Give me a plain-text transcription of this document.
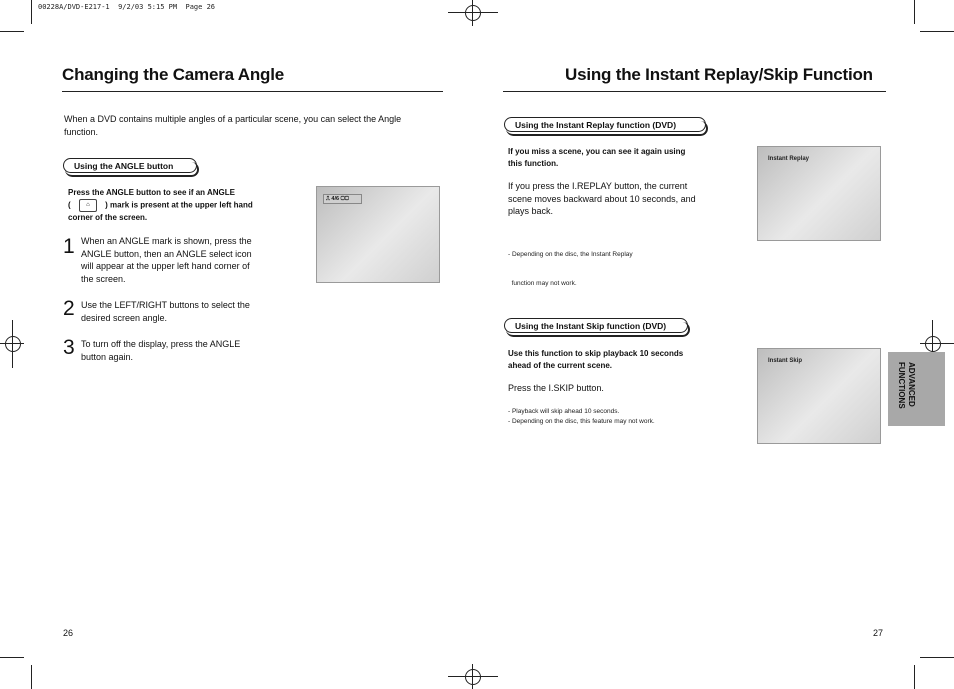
00228A/DVD-E217-1  9/2/03 5:15 PM  Page 26
Changing the Camera Angle
When a DVD contains multiple angles of a particular scene, you can select the Angle
function.
Using the ANGLE button
Press the ANGLE button to see if an ANGLE
(	⌂ ) mark is present at the upper left hand
corner of the screen.
1 When an ANGLE mark is shown, press the
ANGLE button, then an ANGLE select icon
will appear at the upper left hand corner of
the screen.
2 Use the LEFT/RIGHT buttons to select the
desired screen angle.
3 To turn off the display, press the ANGLE
button again.
⎍ 4/6 ▢▢
26
Using the Instant Replay/Skip Function
Using the Instant Replay function (DVD)
If you miss a scene, you can see it again using
this function.
If you press the I.REPLAY button, the current
scene moves backward about 10 seconds, and
plays back.

- Depending on the disc, the Instant Replay

function may not work.

Instant Replay
Using the Instant Skip function (DVD)
Use this function to skip playback 10 seconds
ahead of the current scene.
Press the I.SKIP button.
- Playback will skip ahead 10 seconds.
- Depending on the disc, this feature may not work.
Instant Skip
ADVANCED
FUNCTIONS
27
